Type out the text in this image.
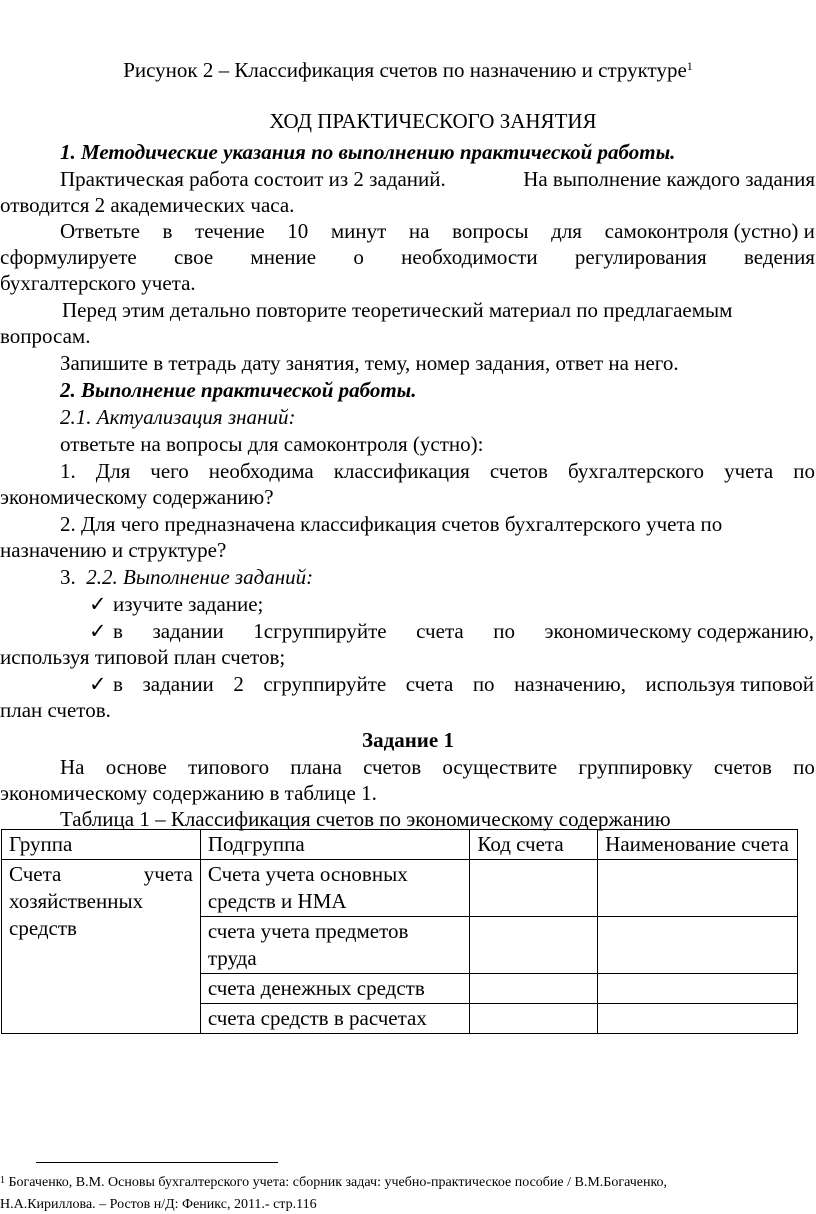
Рисунок 2 – Классификация счетов по назначению и структуре$^1$
ХОД ПРАКТИЧЕСКОГО ЗАНЯТИЯ
1. Методические указания по выполнению практической работы.
Практическая работа состоит из 2 заданий.	На выполнение каждого задания
отводится 2 академических часа.
Ответьте в течение 10 минут на вопросы для самоконтроля (устно) и
сформулируете свое мнение о необходимости регулирования ведения
бухгалтерского учета.
Перед этим детально повторите теоретический материал по предлагаемым
вопросам.
Запишите в тетрадь дату занятия, тему, номер задания, ответ на него.
2. Выполнение практической работы.
2.1. Актуализация знаний:
ответьте на вопросы для самоконтроля (устно):
1. Для чего необходима классификация счетов бухгалтерского учета по
экономическому содержанию?
2. Для чего предназначена классификация счетов бухгалтерского учета по
назначению и структуре?
3. 2.2. Выполнение заданий:
✓ изучите задание;
✓ в задании 1сгруппируйте счета по экономическому содержанию,
используя типовой план счетов;
✓ в задании 2 сгруппируйте счета по назначению, используя типовой
план счетов.
Задание 1
На основе типового плана счетов осуществите группировку счетов по
экономическому содержанию в таблице 1.
Таблица 1 – Классификация счетов по экономическому содержанию
Группа	Подгруппа	Код счета	Наименование счета

Счета учета
хозяйственных
средств	Счета учета основных средств и НМА		
	счета учета предметов труда		
	счета денежных средств		
	счета средств в расчетах		
$^1$ Богаченко, В.М. Основы бухгалтерского учета: сборник задач: учебно-практическое пособие / В.М.Богаченко,
Н.А.Кириллова. – Ростов н/Д: Феникс, 2011.- стр.116
